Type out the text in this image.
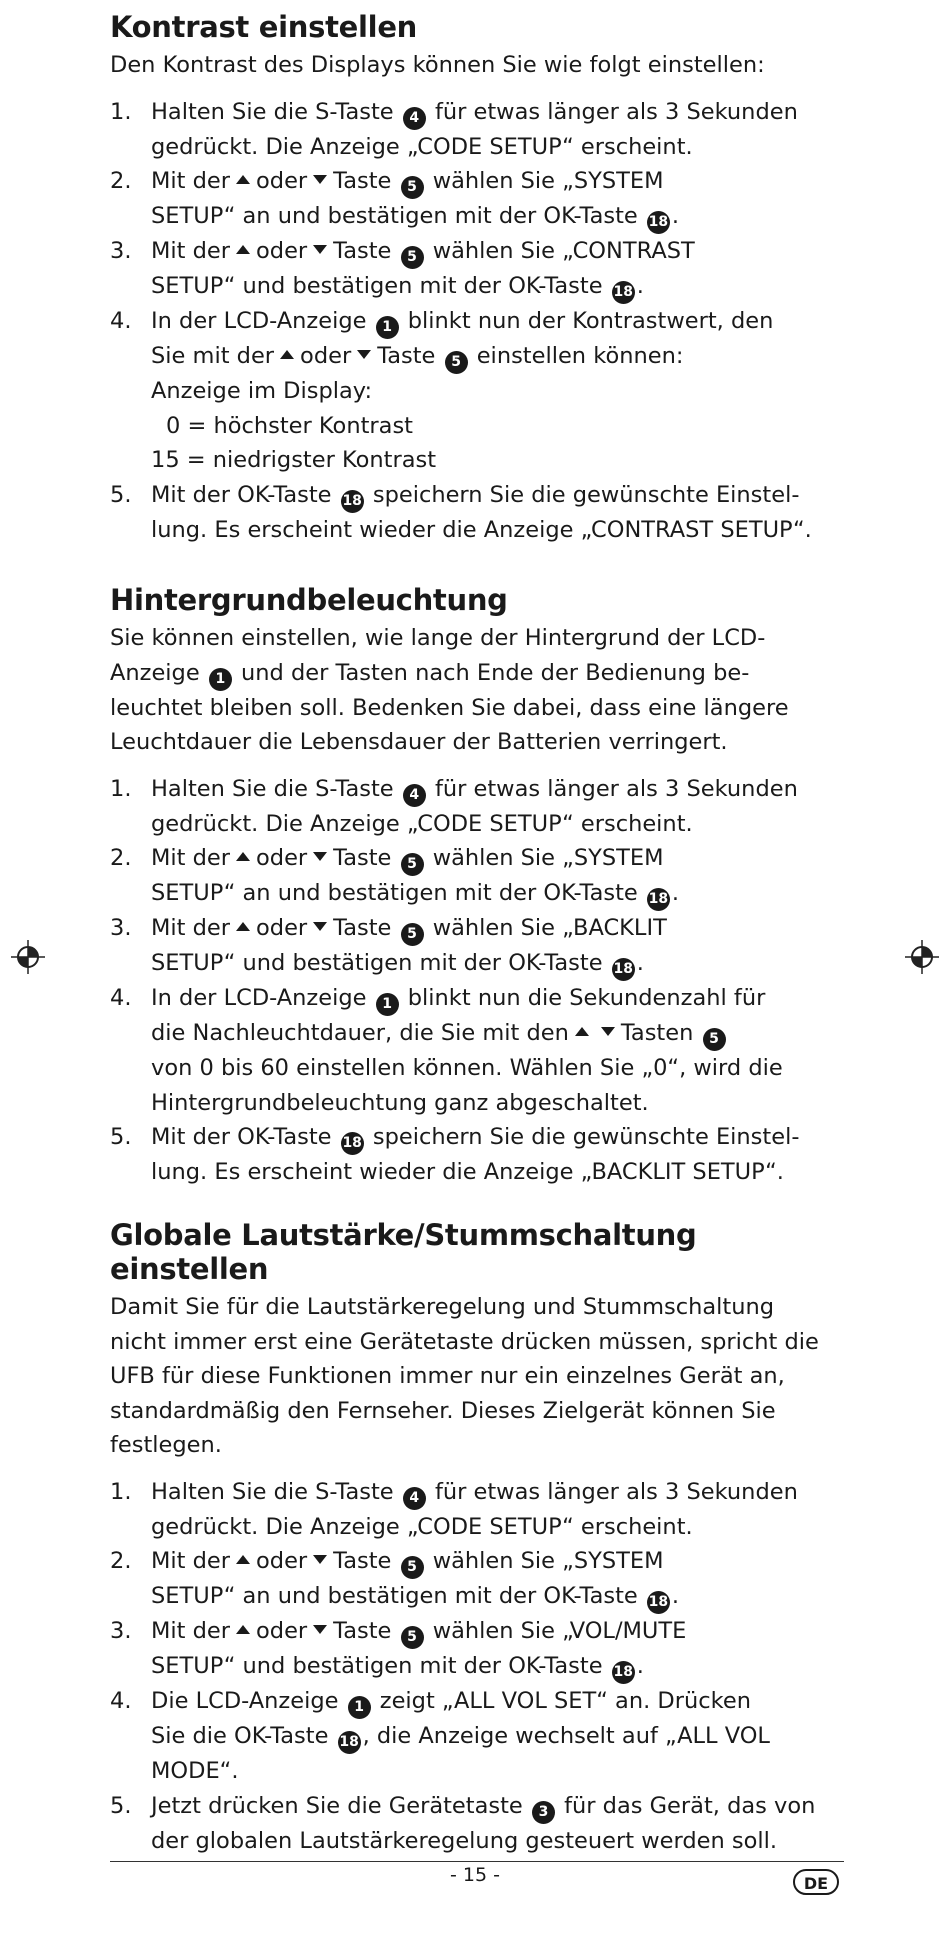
Kontrast einstellen

Den Kontrast des Displays können Sie wie folgt einstellen:

1. Halten Sie die S-Taste 4 für etwas länger als 3 Sekunden
gedrückt. Die Anzeige „CODE SETUP“ erscheint.
2. Mit der oder Taste 5 wählen Sie „SYSTEM
SETUP“ an und bestätigen mit der OK-Taste 18 .
3. Mit der oder Taste 5 wählen Sie „CONTRAST
SETUP“ und bestätigen mit der OK-Taste 18 .
4. In der LCD-Anzeige 1 blinkt nun der Kontrastwert, den
Sie mit der oder Taste 5 einstellen können:
Anzeige im Display:
0 = höchster Kontrast
15 = niedrigster Kontrast
5. Mit der OK-Taste 18 speichern Sie die gewünschte Einstel-
lung. Es erscheint wieder die Anzeige „CONTRAST SETUP“.
Hintergrundbeleuchtung

Sie können einstellen, wie lange der Hintergrund der LCD-
Anzeige 1 und der Tasten nach Ende der Bedienung be-
leuchtet bleiben soll. Bedenken Sie dabei, dass eine längere
Leuchtdauer die Lebensdauer der Batterien verringert.

1. Halten Sie die S-Taste 4 für etwas länger als 3 Sekunden
gedrückt. Die Anzeige „CODE SETUP“ erscheint.
2. Mit der oder Taste 5 wählen Sie „SYSTEM
SETUP“ an und bestätigen mit der OK-Taste 18 .
3. Mit der oder Taste 5 wählen Sie „BACKLIT
SETUP“ und bestätigen mit der OK-Taste 18 .
4. In der LCD-Anzeige 1 blinkt nun die Sekundenzahl für
die Nachleuchtdauer, die Sie mit den Tasten 5
von 0 bis 60 einstellen können. Wählen Sie „0“, wird die
Hintergrundbeleuchtung ganz abgeschaltet.
5. Mit der OK-Taste 18 speichern Sie die gewünschte Einstel-
lung. Es erscheint wieder die Anzeige „BACKLIT SETUP“.
Globale Lautstärke/Stummschaltung einstellen

Damit Sie für die Lautstärkeregelung und Stummschaltung
nicht immer erst eine Gerätetaste drücken müssen, spricht die
UFB für diese Funktionen immer nur ein einzelnes Gerät an,
standardmäßig den Fernseher. Dieses Zielgerät können Sie
festlegen.

1. Halten Sie die S-Taste 4 für etwas länger als 3 Sekunden
gedrückt. Die Anzeige „CODE SETUP“ erscheint.
2. Mit der oder Taste 5 wählen Sie „SYSTEM
SETUP“ an und bestätigen mit der OK-Taste 18 .
3. Mit der oder Taste 5 wählen Sie „VOL/MUTE
SETUP“ und bestätigen mit der OK-Taste 18 .
4. Die LCD-Anzeige 1 zeigt „ALL VOL SET“ an. Drücken
Sie die OK-Taste 18 , die Anzeige wechselt auf „ALL VOL
MODE“.
5. Jetzt drücken Sie die Gerätetaste 3 für das Gerät, das von
der globalen Lautstärkeregelung gesteuert werden soll.
- 15 -	DE
